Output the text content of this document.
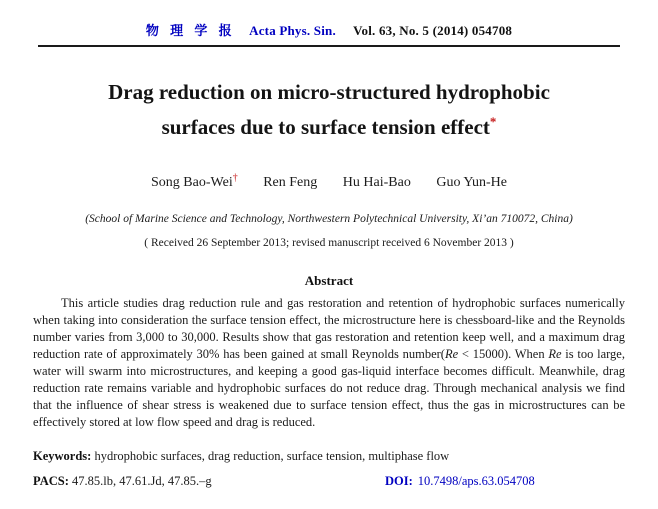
物 理 学 报 Acta Phys. Sin. Vol. 63, No. 5 (2014) 054708
Drag reduction on micro-structured hydrophobic
surfaces due to surface tension effect*
Song Bao-Wei† Ren Feng Hu Hai-Bao Guo Yun-He
(School of Marine Science and Technology, Northwestern Polytechnical University, Xi’an 710072, China)
( Received 26 September 2013; revised manuscript received 6 November 2013 )
Abstract

This article studies drag reduction rule and gas restoration and retention of hydrophobic surfaces numerically when taking into consideration the surface tension effect, the microstructure here is chessboard-like and the Reynolds number varies from 3,000 to 30,000. Results show that gas restoration and retention keep well, and a maximum drag reduction rate of approximately 30% has been gained at small Reynolds number(Re < 15000). When Re is too large, water will swarm into microstructures, and keeping a good gas-liquid interface becomes difficult. Meanwhile, drag reduction rate remains variable and hydrophobic surfaces do not reduce drag. Through mechanical analysis we find that the influence of shear stress is weakened due to surface tension effect, thus the gas in microstructures can be effectively stored at low flow speed and drag is reduced.

Keywords: hydrophobic surfaces, drag reduction, surface tension, multiphase flow
PACS: 47.85.lb, 47.61.Jd, 47.85.–g	DOI: 10.7498/aps.63.054708
